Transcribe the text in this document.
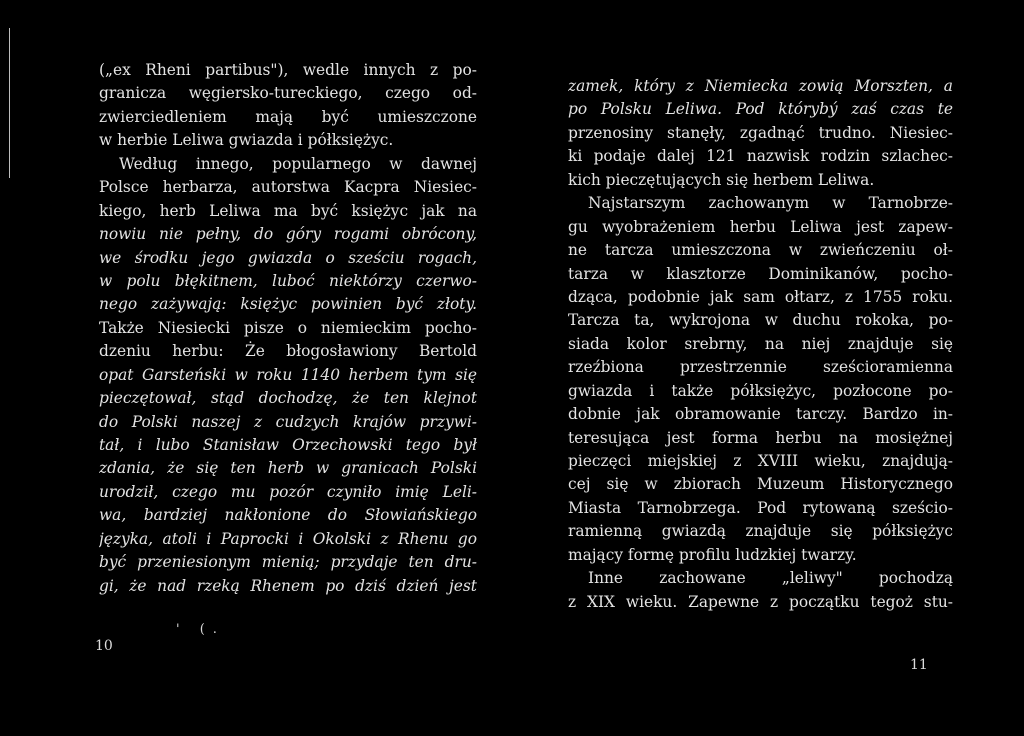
(„ex Rheni partibus"), wedle innych z po-
granicza węgiersko-tureckiego, czego od-
zwierciedleniem mają być umieszczone
w herbie Leliwa gwiazda i półksiężyc.
Według innego, popularnego w dawnej
Polsce herbarza, autorstwa Kacpra Niesiec-
kiego, herb Leliwa ma być księżyc jak na
nowiu nie pełny, do góry rogami obrócony,
we środku jego gwiazda o sześciu rogach,
w polu błękitnem, luboć niektórzy czerwo-
nego zażywają: księżyc powinien być złoty.
Także Niesiecki pisze o niemieckim pocho-
dzeniu herbu: Że błogosławiony Bertold
opat Garsteński w roku 1140 herbem tym się
pieczętował, stąd dochodzę, że ten klejnot
do Polski naszej z cudzych krajów przywi-
tał, i lubo Stanisław Orzechowski tego był
zdania, że się ten herb w granicach Polski
urodził, czego mu pozór czyniło imię Leli-
wa, bardziej nakłonione do Słowiańskiego
języka, atoli i Paprocki i Okolski z Rhenu go
być przeniesionym mienią; przydaje ten dru-
gi, że nad rzeką Rhenem po dziś dzień jest
' (.
10
zamek, który z Niemiecka zowią Morszten, a
po Polsku Leliwa. Pod którybý zaś czas te
przenosiny stanęły, zgadnąć trudno. Niesiec-
ki podaje dalej 121 nazwisk rodzin szlachec-
kich pieczętujących się herbem Leliwa.
Najstarszym zachowanym w Tarnobrze-
gu wyobrażeniem herbu Leliwa jest zapew-
ne tarcza umieszczona w zwieńczeniu oł-
tarza w klasztorze Dominikanów, pocho-
dząca, podobnie jak sam ołtarz, z 1755 roku.
Tarcza ta, wykrojona w duchu rokoka, po-
siada kolor srebrny, na niej znajduje się
rzeźbiona przestrzennie sześcioramienna
gwiazda i także półksiężyc, pozłocone po-
dobnie jak obramowanie tarczy. Bardzo in-
teresująca jest forma herbu na mosiężnej
pieczęci miejskiej z XVIII wieku, znajdują-
cej się w zbiorach Muzeum Historycznego
Miasta Tarnobrzega. Pod rytowaną sześcio-
ramienną gwiazdą znajduje się półksiężyc
mający formę profilu ludzkiej twarzy.
Inne zachowane „leliwy" pochodzą
z XIX wieku. Zapewne z początku tegoż stu-
11
